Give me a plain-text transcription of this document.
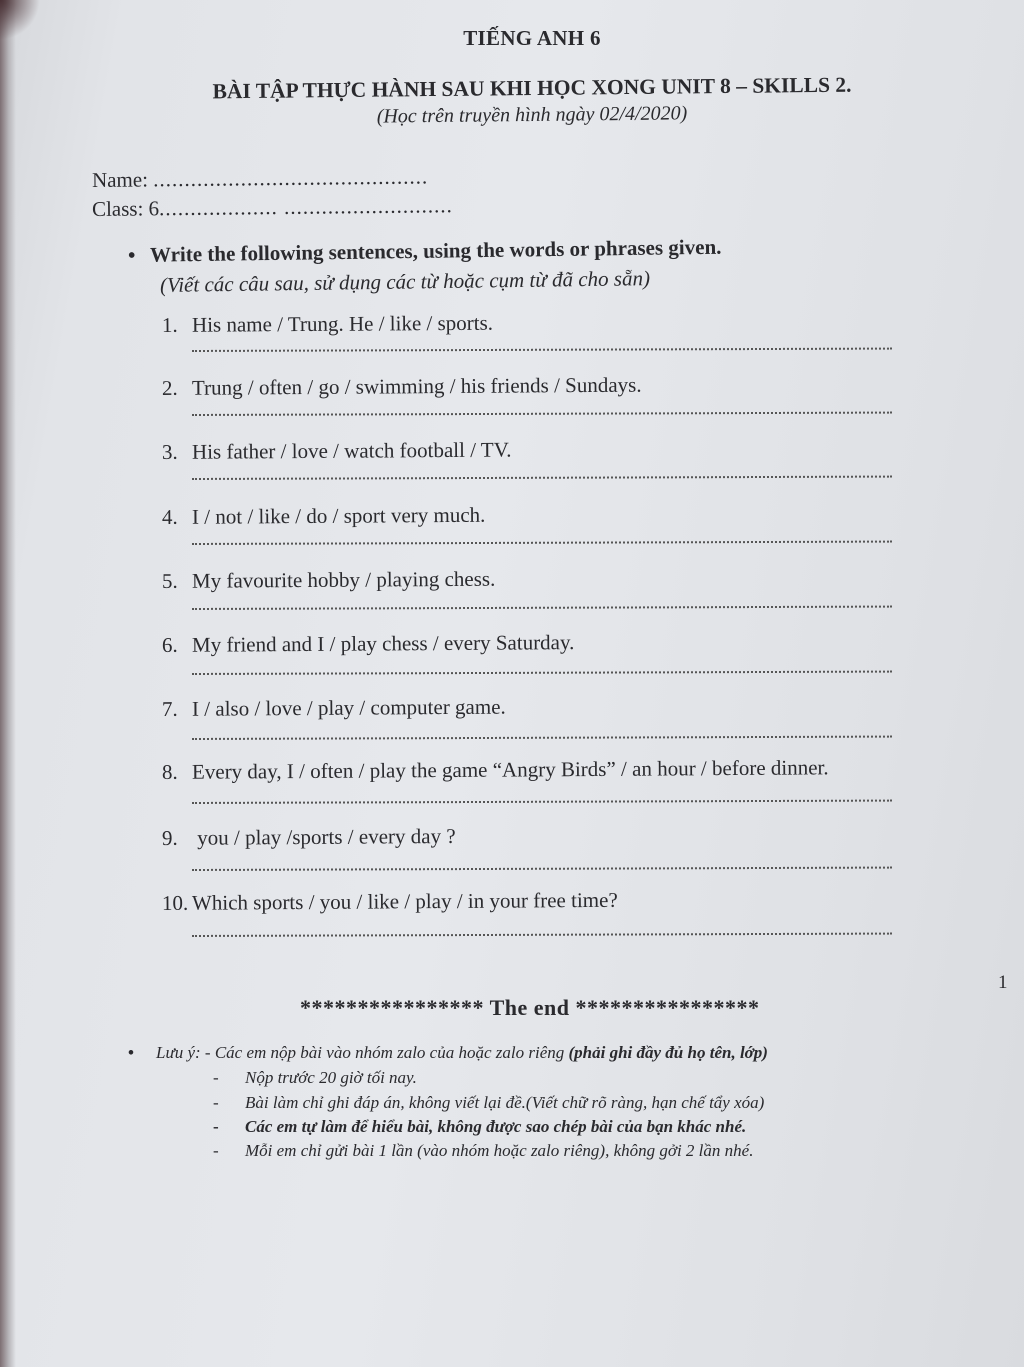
TIẾNG ANH 6
BÀI TẬP THỰC HÀNH SAU KHI HỌC XONG UNIT 8 – SKILLS 2.
(Học trên truyền hình ngày 02/4/2020)
Name: ............................................
Class: 6................... ...........................
• Write the following sentences, using the words or phrases given.
(Viết các câu sau, sử dụng các từ hoặc cụm từ đã cho sẵn)
1. His name / Trung. He / like / sports.
2. Trung / often / go / swimming / his friends / Sundays.
3. His father / love / watch football / TV.
4. I / not / like / do / sport very much.
5. My favourite hobby / playing chess.
6. My friend and I / play chess / every Saturday.
7. I / also / love / play / computer game.
8. Every day, I / often / play the game “Angry Birds” / an hour / before dinner.
9. you / play /sports / every day ?
10. Which sports / you / like / play / in your free time?
**************** The end ****************
• Lưu ý: - Các em nộp bài vào nhóm zalo của hoặc zalo riêng (phải ghi đầy đủ họ tên, lớp)
- Nộp trước 20 giờ tối nay.
- Bài làm chỉ ghi đáp án, không viết lại đề.(Viết chữ rõ ràng, hạn chế tẩy xóa)
- Các em tự làm để hiểu bài, không được sao chép bài của bạn khác nhé.
- Mỗi em chỉ gửi bài 1 lần (vào nhóm hoặc zalo riêng), không gởi 2 lần nhé.
1
